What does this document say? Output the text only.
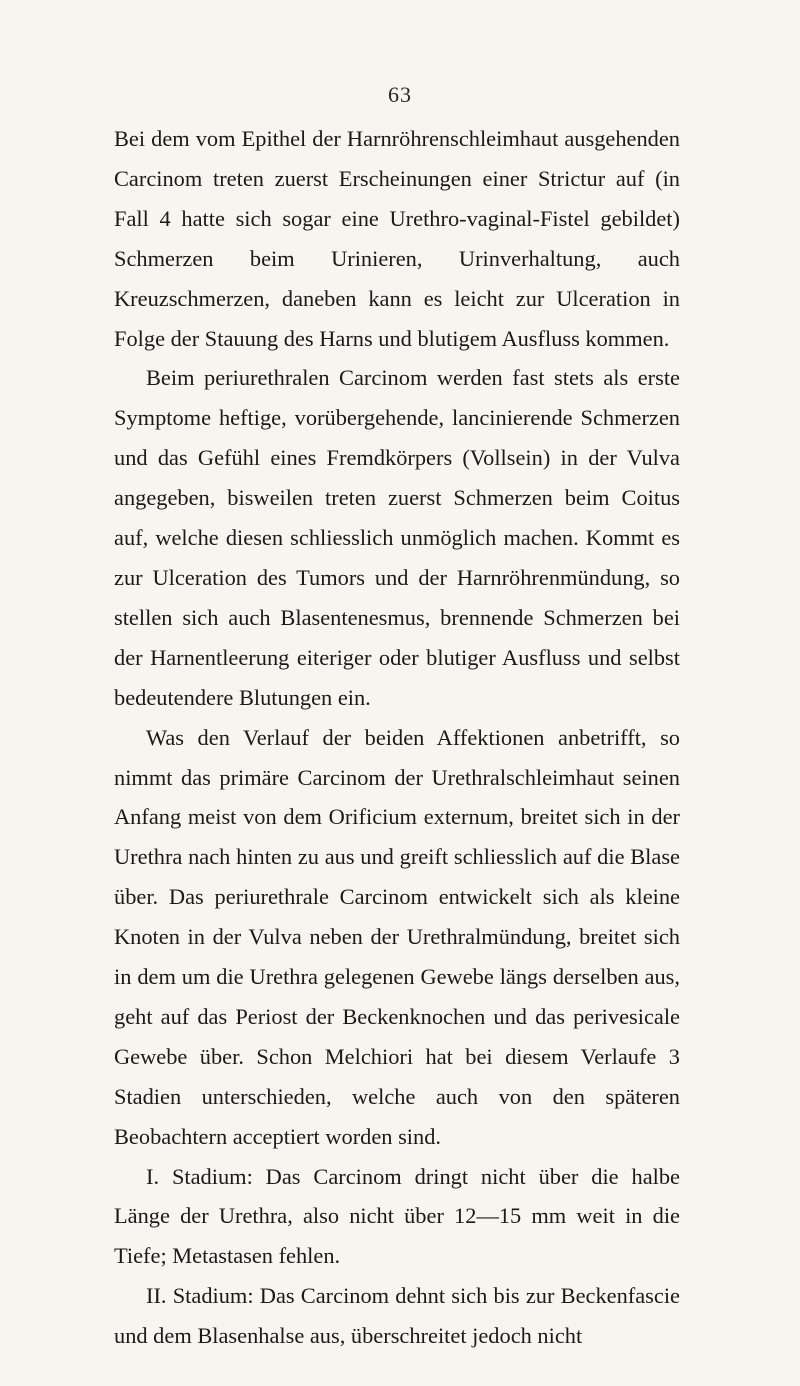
63

Bei dem vom Epithel der Harnröhrenschleimhaut ausgehenden Carcinom treten zuerst Erscheinungen einer Strictur auf (in Fall 4 hatte sich sogar eine Urethro-vaginal-Fistel gebildet) Schmerzen beim Urinieren, Urinverhaltung, auch Kreuzschmerzen, daneben kann es leicht zur Ulceration in Folge der Stauung des Harns und blutigem Ausfluss kommen.

Beim periurethralen Carcinom werden fast stets als erste Symptome heftige, vorübergehende, lancinierende Schmerzen und das Gefühl eines Fremdkörpers (Vollsein) in der Vulva angegeben, bisweilen treten zuerst Schmerzen beim Coitus auf, welche diesen schliesslich unmöglich machen. Kommt es zur Ulceration des Tumors und der Harnröhrenmündung, so stellen sich auch Blasentenesmus, brennende Schmerzen bei der Harnentleerung eiteriger oder blutiger Ausfluss und selbst bedeutendere Blutungen ein.

Was den Verlauf der beiden Affektionen anbetrifft, so nimmt das primäre Carcinom der Urethralschleimhaut seinen Anfang meist von dem Orificium externum, breitet sich in der Urethra nach hinten zu aus und greift schliesslich auf die Blase über. Das periurethrale Carcinom entwickelt sich als kleine Knoten in der Vulva neben der Urethralmündung, breitet sich in dem um die Urethra gelegenen Gewebe längs derselben aus, geht auf das Periost der Beckenknochen und das perivesicale Gewebe über. Schon Melchiori hat bei diesem Verlaufe 3 Stadien unterschieden, welche auch von den späteren Beobachtern acceptiert worden sind.

I. Stadium: Das Carcinom dringt nicht über die halbe Länge der Urethra, also nicht über 12—15 mm weit in die Tiefe; Metastasen fehlen.

II. Stadium: Das Carcinom dehnt sich bis zur Beckenfascie und dem Blasenhalse aus, überschreitet jedoch nicht
